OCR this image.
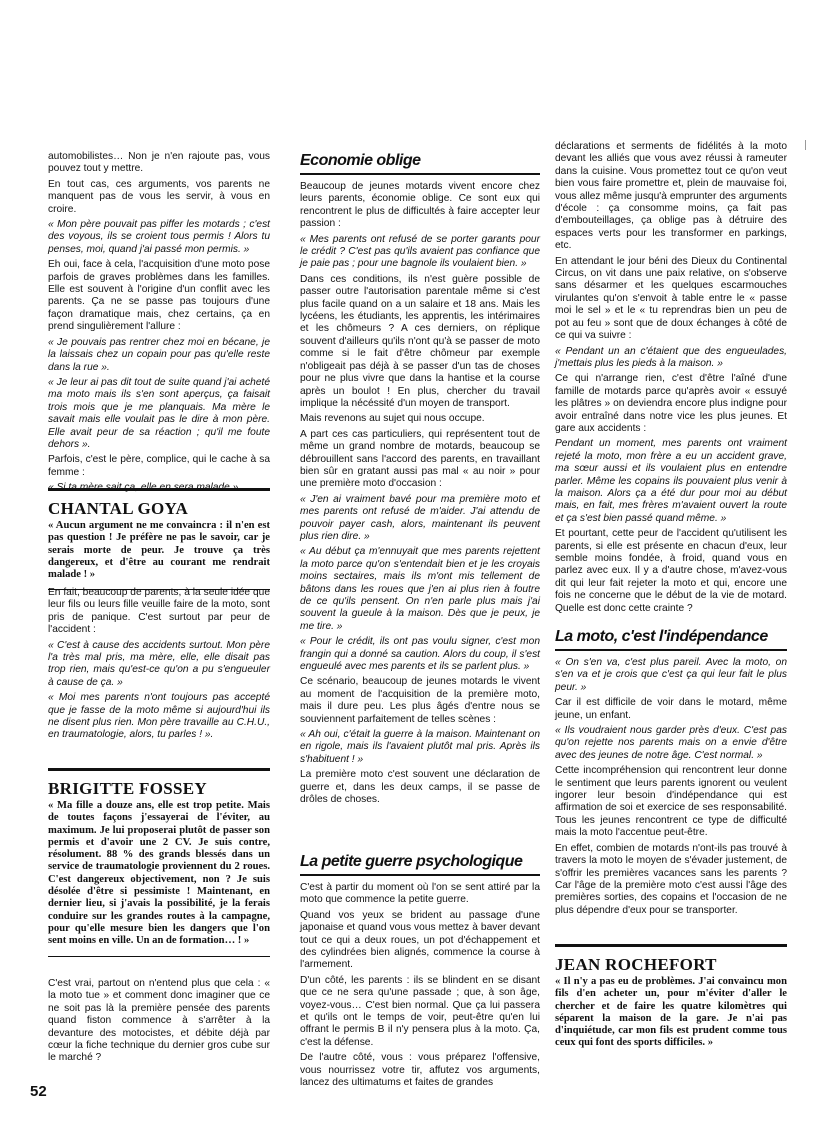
automobilistes… Non je n'en rajoute pas, vous pouvez tout y mettre.

En tout cas, ces arguments, vos parents ne manquent pas de vous les servir, à vous en croire.

« Mon père pouvait pas piffer les motards ; c'est des voyous, ils se croient tous permis ! Alors tu penses, moi, quand j'ai passé mon permis. »

Eh oui, face à cela, l'acquisition d'une moto pose parfois de graves problèmes dans les familles. Elle est souvent à l'origine d'un conflit avec les parents. Ça ne se passe pas toujours d'une façon dramatique mais, chez certains, ça en prend singulièrement l'allure :

« Je pouvais pas rentrer chez moi en bécane, je la laissais chez un copain pour pas qu'elle reste dans la rue ».

« Je leur ai pas dit tout de suite quand j'ai acheté ma moto mais ils s'en sont aperçus, ça faisait trois mois que je me planquais. Ma mère le savait mais elle voulait pas le dire à mon père. Elle avait peur de sa réaction ; qu'il me foute dehors ».

Parfois, c'est le père, complice, qui le cache à sa femme :

« Si ta mère sait ça, elle en sera malade ».

CHANTAL GOYA

« Aucun argument ne me convaincra : il n'en est pas question ! Je préfère ne pas le savoir, car je serais morte de peur. Je trouve ça très dangereux, et d'être au courant me rendrait malade ! »

En fait, beaucoup de parents, à la seule idée que leur fils ou leurs fille veuille faire de la moto, sont pris de panique. C'est surtout par peur de l'accident :

« C'est à cause des accidents surtout. Mon père l'a très mal pris, ma mère, elle, elle disait pas trop rien, mais qu'est-ce qu'on a pu s'engueuler à cause de ça. »

« Moi mes parents n'ont toujours pas accepté que je fasse de la moto même si aujourd'hui ils ne disent plus rien. Mon père travaille au C.H.U., en traumatologie, alors, tu parles ! ».

BRIGITTE FOSSEY

« Ma fille a douze ans, elle est trop petite. Mais de toutes façons j'essayerai de l'éviter, au maximum. Je lui proposerai plutôt de passer son permis et d'avoir une 2 CV. Je suis contre, résolument. 88 % des grands blessés dans un service de traumatologie proviennent du 2 roues. C'est dangereux objectivement, non ? Je suis désolée d'être si pessimiste ! Maintenant, en dernier lieu, si j'avais la possibilité, je la ferais conduire sur les grandes routes à la campagne, pour qu'elle mesure bien les dangers que l'on sent moins en ville. Un an de formation… ! »

C'est vrai, partout on n'entend plus que cela : « la moto tue » et comment donc imaginer que ce ne soit pas là la première pensée des parents quand fiston commence à s'arrêter à la devanture des motocistes, et débite déjà par cœur la fiche technique du dernier gros cube sur le marché ?

52
Economie oblige

Beaucoup de jeunes motards vivent encore chez leurs parents, économie oblige. Ce sont eux qui rencontrent le plus de difficultés à faire accepter leur passion :

« Mes parents ont refusé de se porter garants pour le crédit ? C'est pas qu'ils avaient pas confiance que je paie pas ; pour une bagnole ils voulaient bien. »

Dans ces conditions, ils n'est guère possible de passer outre l'autorisation parentale même si c'est plus facile quand on a un salaire et 18 ans. Mais les lycéens, les étudiants, les apprentis, les intérimaires et les chômeurs ? A ces derniers, on réplique souvent d'ailleurs qu'ils n'ont qu'à se passer de moto comme si le fait d'être chômeur par exemple n'obligeait pas déjà à se passer d'un tas de choses pour ne plus vivre que dans la hantise et la course après un boulot ! En plus, chercher du travail implique la nécéssité d'un moyen de transport.

Mais revenons au sujet qui nous occupe.

A part ces cas particuliers, qui représentent tout de même un grand nombre de motards, beaucoup se débrouillent sans l'accord des parents, en travaillant bien sûr en gratant aussi pas mal « au noir » pour une première moto d'occasion :

« J'en ai vraiment bavé pour ma première moto et mes parents ont refusé de m'aider. J'ai attendu de pouvoir payer cash, alors, maintenant ils peuvent plus rien dire. »

« Au début ça m'ennuyait que mes parents rejettent la moto parce qu'on s'entendait bien et je les croyais moins sectaires, mais ils m'ont mis tellement de bâtons dans les roues que j'en ai plus rien à foutre de ce qu'ils pensent. On n'en parle plus mais j'ai souvent la gueule à la maison. Dès que je peux, je me tire. »

« Pour le crédit, ils ont pas voulu signer, c'est mon frangin qui a donné sa caution. Alors du coup, il s'est engueulé avec mes parents et ils se parlent plus. »

Ce scénario, beaucoup de jeunes motards le vivent au moment de l'acquisition de la première moto, mais il dure peu. Les plus âgés d'entre nous se souviennent parfaitement de telles scènes :

« Ah oui, c'était la guerre à la maison. Maintenant on en rigole, mais ils l'avaient plutôt mal pris. Après ils s'habituent ! »

La première moto c'est souvent une déclaration de guerre et, dans les deux camps, il se passe de drôles de choses.

La petite guerre psychologique

C'est à partir du moment où l'on se sent attiré par la moto que commence la petite guerre.

Quand vos yeux se brident au passage d'une japonaise et quand vous vous mettez à baver devant tout ce qui a deux roues, un pot d'échappement et des cylindrées bien alignés, commence la course à l'armement.

D'un côté, les parents : ils se blindent en se disant que ce ne sera qu'une passade ; que, à son âge, voyez-vous… C'est bien normal. Que ça lui passera et qu'ils ont le temps de voir, peut-être qu'en lui offrant le permis B il n'y pensera plus à la moto. Ça, c'est la défense.

De l'autre côté, vous : vous préparez l'offensive, vous nourrissez votre tir, affutez vos arguments, lancez des ultimatums et faites de grandes

déclarations et serments de fidélités à la moto devant les alliés que vous avez réussi à rameuter dans la cuisine. Vous promettez tout ce qu'on veut bien vous faire promettre et, plein de mauvaise foi, vous allez même jusqu'à emprunter des arguments d'école : ça consomme moins, ça fait pas d'embouteillages, ça oblige pas à détruire des espaces verts pour les transformer en parkings, etc.

En attendant le jour béni des Dieux du Continental Circus, on vit dans une paix relative, on s'observe sans désarmer et les quelques escarmouches virulantes qu'on s'envoit à table entre le « passe moi le sel » et le « tu reprendras bien un peu de pot au feu » sont que de doux échanges à côté de ce qui va suivre :

« Pendant un an c'étaient que des engueulades, j'mettais plus les pieds à la maison. »

Ce qui n'arrange rien, c'est d'être l'aîné d'une famille de motards parce qu'après avoir « essuyé les plâtres » on deviendra encore plus indigne pour avoir entraîné dans notre vice les plus jeunes. Et gare aux accidents :

Pendant un moment, mes parents ont vraiment rejeté la moto, mon frère a eu un accident grave, ma sœur aussi et ils voulaient plus en entendre parler. Même les copains ils pouvaient plus venir à la maison. Alors ça a été dur pour moi au début mais, en fait, mes frères m'avaient ouvert la route et ça s'est bien passé quand même. »

Et pourtant, cette peur de l'accident qu'utilisent les parents, si elle est présente en chacun d'eux, leur semble moins fondée, à froid, quand vous en parlez avec eux. Il y a d'autre chose, m'avez-vous dit qui leur fait rejeter la moto et qui, encore une fois ne concerne que le début de la vie de motard. Quelle est donc cette crainte ?

La moto, c'est l'indépendance

« On s'en va, c'est plus pareil. Avec la moto, on s'en va et je crois que c'est ça qui leur fait le plus peur. »

Car il est difficile de voir dans le motard, même jeune, un enfant.

« Ils voudraient nous garder près d'eux. C'est pas qu'on rejette nos parents mais on a envie d'être avec des jeunes de notre âge. C'est normal. »

Cette incompréhension qui rencontrent leur donne le sentiment que leurs parents ignorent ou veulent ingorer leur besoin d'indépendance qui est affirmation de soi et exercice de ses responsabilité. Tous les jeunes rencontrent ce type de difficulté mais la moto l'accentue peut-être.

En effet, combien de motards n'ont-ils pas trouvé à travers la moto le moyen de s'évader justement, de s'offrir les premières vacances sans les parents ? Car l'âge de la première moto c'est aussi l'âge des premières sorties, des copains et l'occasion de ne plus dépendre d'eux pour se transporter.

JEAN ROCHEFORT

« Il n'y a pas eu de problèmes. J'ai convaincu mon fils d'en acheter un, pour m'éviter d'aller le chercher et de faire les quatre kilomètres qui séparent la maison de la gare. Je n'ai pas d'inquiétude, car mon fils est prudent comme tous ceux qui font des sports difficiles. »
